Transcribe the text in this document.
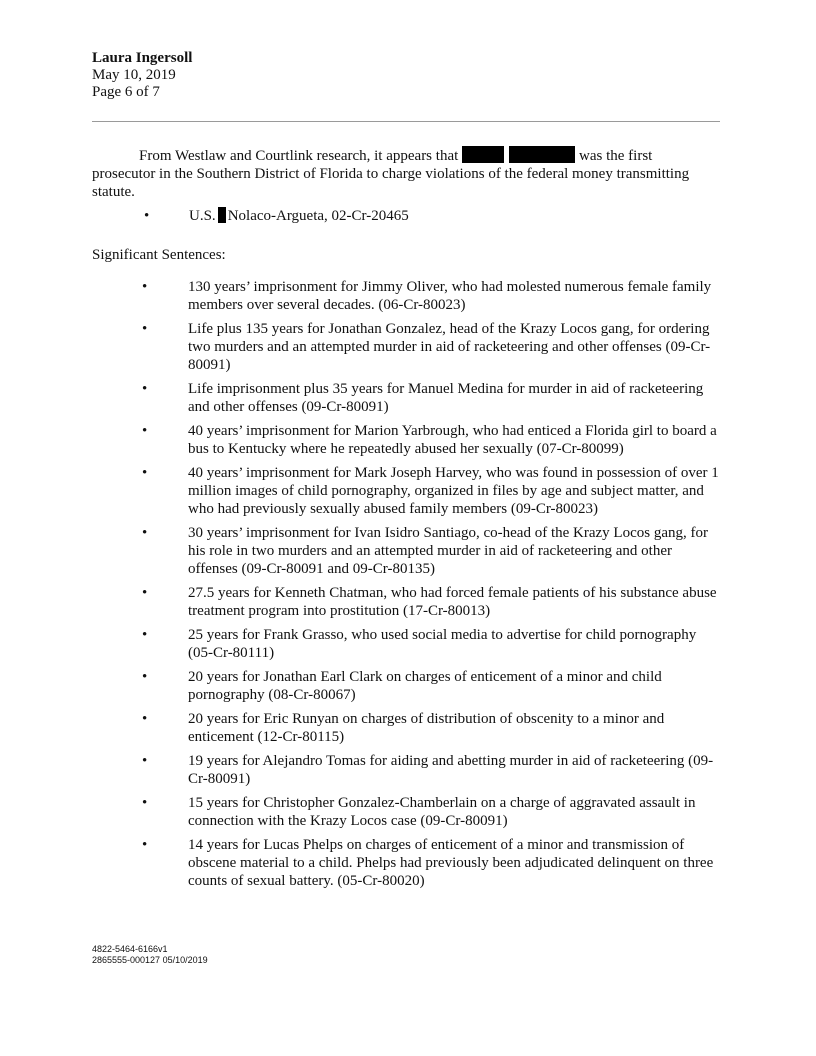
Laura Ingersoll
May 10, 2019
Page 6 of 7
From Westlaw and Courtlink research, it appears that	was the first prosecutor in the Southern District of Florida to charge violations of the federal money transmitting statute.
•	U.S. Nolaco-Argueta, 02-Cr-20465
Significant Sentences:
•	130 years’ imprisonment for Jimmy Oliver, who had molested numerous female family members over several decades. (06-Cr-80023)
•	Life plus 135 years for Jonathan Gonzalez, head of the Krazy Locos gang, for ordering two murders and an attempted murder in aid of racketeering and other offenses (09-Cr-80091)
•	Life imprisonment plus 35 years for Manuel Medina for murder in aid of racketeering and other offenses (09-Cr-80091)
•	40 years’ imprisonment for Marion Yarbrough, who had enticed a Florida girl to board a bus to Kentucky where he repeatedly abused her sexually (07-Cr-80099)
•	40 years’ imprisonment for Mark Joseph Harvey, who was found in possession of over 1 million images of child pornography, organized in files by age and subject matter, and who had previously sexually abused family members (09-Cr-80023)
•	30 years’ imprisonment for Ivan Isidro Santiago, co-head of the Krazy Locos gang, for his role in two murders and an attempted murder in aid of racketeering and other offenses (09-Cr-80091 and 09-Cr-80135)
•	27.5 years for Kenneth Chatman, who had forced female patients of his substance abuse treatment program into prostitution (17-Cr-80013)
•	25 years for Frank Grasso, who used social media to advertise for child pornography (05-Cr-80111)
•	20 years for Jonathan Earl Clark on charges of enticement of a minor and child pornography (08-Cr-80067)
•	20 years for Eric Runyan on charges of distribution of obscenity to a minor and enticement (12-Cr-80115)
•	19 years for Alejandro Tomas for aiding and abetting murder in aid of racketeering (09-Cr-80091)
•	15 years for Christopher Gonzalez-Chamberlain on a charge of aggravated assault in connection with the Krazy Locos case (09-Cr-80091)
•	14 years for Lucas Phelps on charges of enticement of a minor and transmission of obscene material to a child. Phelps had previously been adjudicated delinquent on three counts of sexual battery. (05-Cr-80020)
4822-5464-6166v1
2865555-000127 05/10/2019
